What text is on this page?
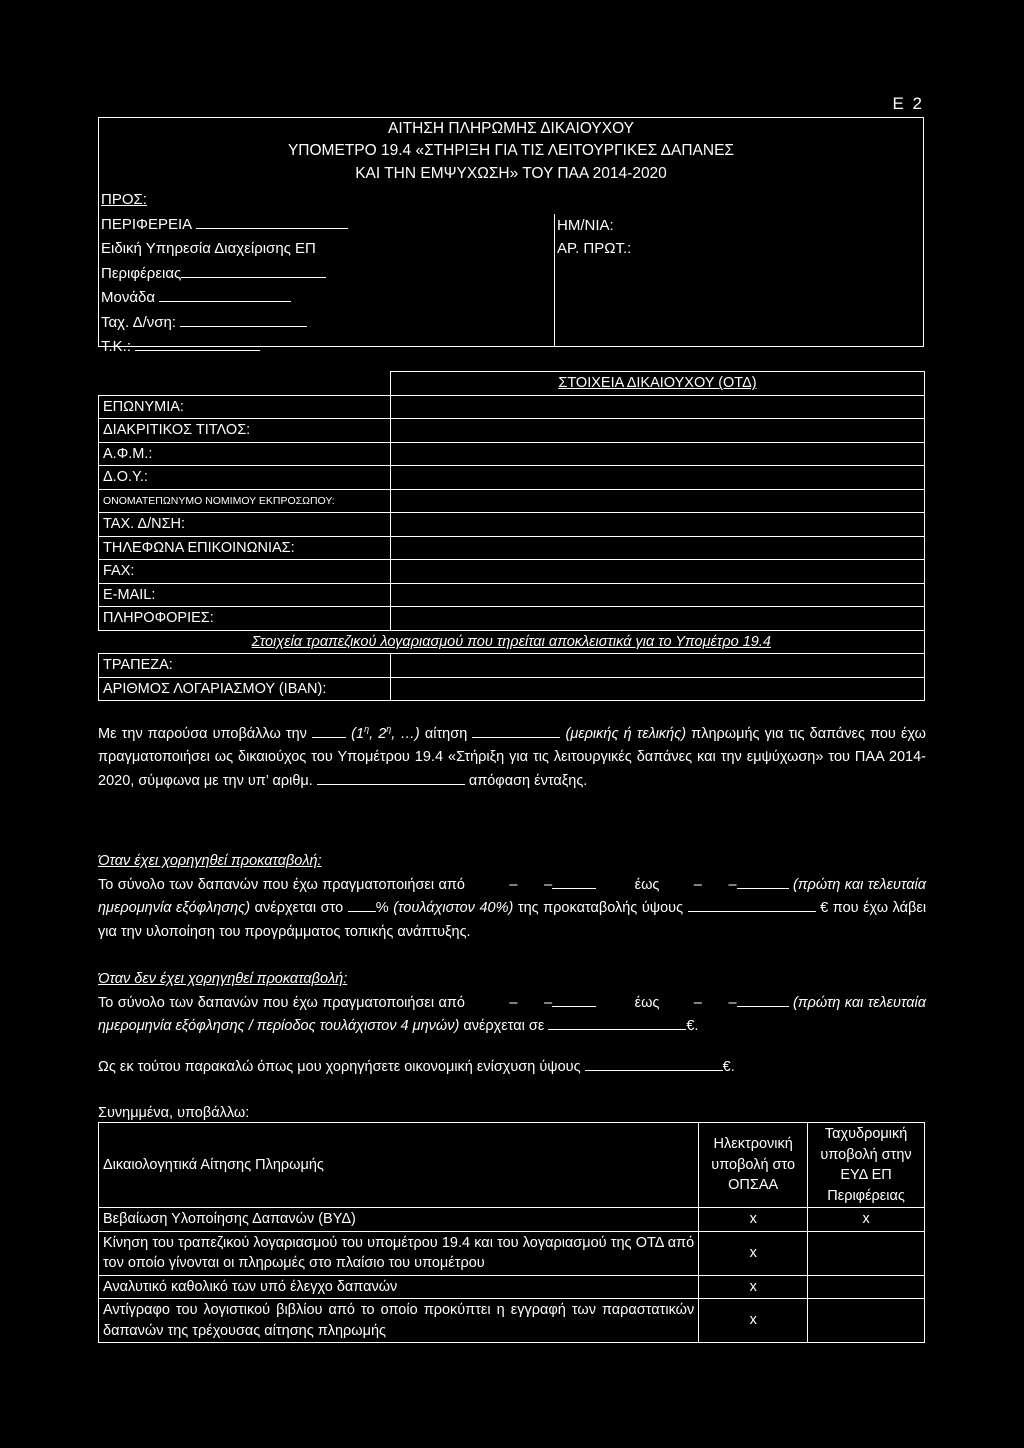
Ε 2
ΑΙΤΗΣΗ ΠΛΗΡΩΜΗΣ ΔΙΚΑΙΟΥΧΟΥ
ΥΠΟΜΕΤΡΟ 19.4 «ΣΤΗΡΙΞΗ ΓΙΑ ΤΙΣ ΛΕΙΤΟΥΡΓΙΚΕΣ ΔΑΠΑΝΕΣ
ΚΑΙ ΤΗΝ ΕΜΨΥΧΩΣΗ» ΤΟΥ ΠΑΑ 2014-2020
ΠΡΟΣ:
ΠΕΡΙΦΕΡΕΙΑ
Ειδική Υπηρεσία Διαχείρισης ΕΠ
Περιφέρειας
Μονάδα
Ταχ. Δ/νση:
Τ.Κ.:
ΗΜ/ΝΙΑ:
ΑΡ. ΠΡΩΤ.:
	ΣΤΟΙΧΕΙΑ ΔΙΚΑΙΟΥΧΟΥ (ΟΤΔ)
ΕΠΩΝΥΜΙΑ:	
ΔΙΑΚΡΙΤΙΚΟΣ ΤΙΤΛΟΣ:	
Α.Φ.Μ.:	
Δ.Ο.Υ.:	
ΟΝΟΜΑΤΕΠΩΝΥΜΟ ΝΟΜΙΜΟΥ ΕΚΠΡΟΣΩΠΟΥ:	
ΤΑΧ. Δ/ΝΣΗ:	
ΤΗΛΕΦΩΝΑ ΕΠΙΚΟΙΝΩΝΙΑΣ:	
FAX:	
E-MAIL:	
ΠΛΗΡΟΦΟΡΙΕΣ:	
Στοιχεία τραπεζικού λογαριασμού που τηρείται αποκλειστικά για το Υπομέτρο 19.4	
ΤΡΑΠΕΖΑ:	
ΑΡΙΘΜΟΣ ΛΟΓΑΡΙΑΣΜΟΥ (IBAN):	
Με την παρούσα υποβάλλω την	($1^\eta$, $2^\eta$, …) αίτηση	(μερικής ή τελικής) πληρωμής για τις δαπάνες που έχω πραγματοποιήσει ως δικαιούχος του Υπομέτρου 19.4 «Στήριξη για τις λειτουργικές δαπάνες και την εμψύχωση» του ΠΑΑ 2014-2020, σύμφωνα με την υπ’ αριθμ.	απόφαση ένταξης.
Όταν έχει χορηγηθεί προκαταβολή:
Το σύνολο των δαπανών που έχω πραγματοποιήσει από	–      –	έως –      –	(πρώτη και τελευταία ημερομηνία εξόφλησης) ανέρχεται στο % (τουλάχιστον 40%) της προκαταβολής ύψους	€ που έχω λάβει για την υλοποίηση του προγράμματος τοπικής ανάπτυξης.
Όταν δεν έχει χορηγηθεί προκαταβολή:
Το σύνολο των δαπανών που έχω πραγματοποιήσει από	–      –	έως –      –	(πρώτη και τελευταία ημερομηνία εξόφλησης / περίοδος τουλάχιστον 4 μηνών) ανέρχεται σε	€.
Ως εκ τούτου παρακαλώ όπως μου χορηγήσετε οικονομική ενίσχυση ύψους	€.
Συνημμένα, υποβάλλω:
Δικαιολογητικά Αίτησης Πληρωμής	Ηλεκτρονική υποβολή στο ΟΠΣΑΑ	Ταχυδρομική υποβολή στην ΕΥΔ ΕΠ Περιφέρειας
Βεβαίωση Υλοποίησης Δαπανών (ΒΥΔ)	x	x
Κίνηση του τραπεζικού λογαριασμού του υπομέτρου 19.4 και του λογαριασμού της ΟΤΔ από τον οποίο γίνονται οι πληρωμές στο πλαίσιο του υπομέτρου	x	
Αναλυτικό καθολικό των υπό έλεγχο δαπανών	x	
Αντίγραφο του λογιστικού βιβλίου από το οποίο προκύπτει η εγγραφή των παραστατικών δαπανών της τρέχουσας αίτησης πληρωμής	x	
